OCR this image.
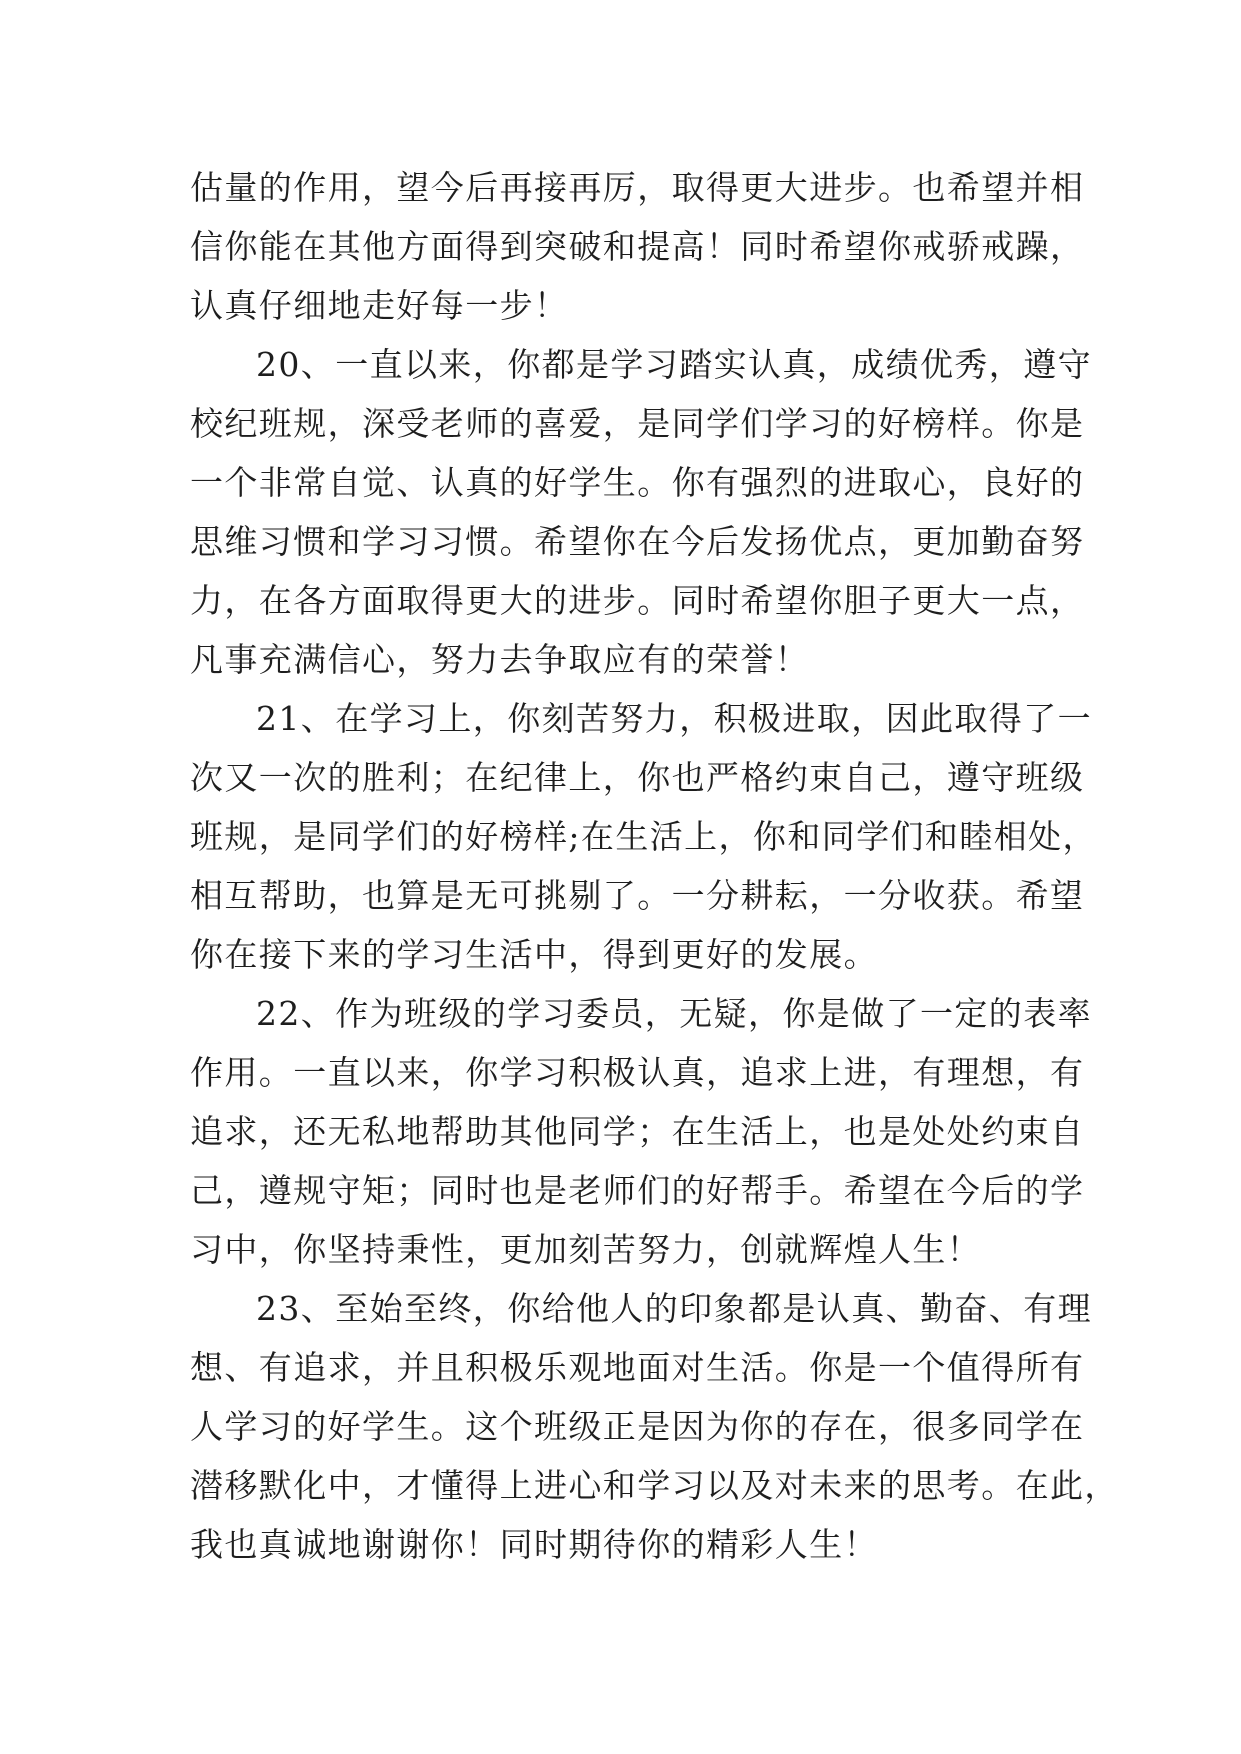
估量的作用，望今后再接再厉，取得更大进步。也希望并相
信你能在其他方面得到突破和提高！同时希望你戒骄戒躁，
认真仔细地走好每一步！
20、一直以来，你都是学习踏实认真，成绩优秀，遵守
校纪班规，深受老师的喜爱，是同学们学习的好榜样。你是
一个非常自觉、认真的好学生。你有强烈的进取心，良好的
思维习惯和学习习惯。希望你在今后发扬优点，更加勤奋努
力，在各方面取得更大的进步。同时希望你胆子更大一点，
凡事充满信心，努力去争取应有的荣誉！
21、在学习上，你刻苦努力，积极进取，因此取得了一
次又一次的胜利；在纪律上，你也严格约束自己，遵守班级
班规，是同学们的好榜样;在生活上，你和同学们和睦相处，
相互帮助，也算是无可挑剔了。一分耕耘，一分收获。希望
你在接下来的学习生活中，得到更好的发展。
22、作为班级的学习委员，无疑，你是做了一定的表率
作用。一直以来，你学习积极认真，追求上进，有理想，有
追求，还无私地帮助其他同学；在生活上，也是处处约束自
己，遵规守矩；同时也是老师们的好帮手。希望在今后的学
习中，你坚持秉性，更加刻苦努力，创就辉煌人生！
23、至始至终，你给他人的印象都是认真、勤奋、有理
想、有追求，并且积极乐观地面对生活。你是一个值得所有
人学习的好学生。这个班级正是因为你的存在，很多同学在
潜移默化中，才懂得上进心和学习以及对未来的思考。在此，
我也真诚地谢谢你！同时期待你的精彩人生！
